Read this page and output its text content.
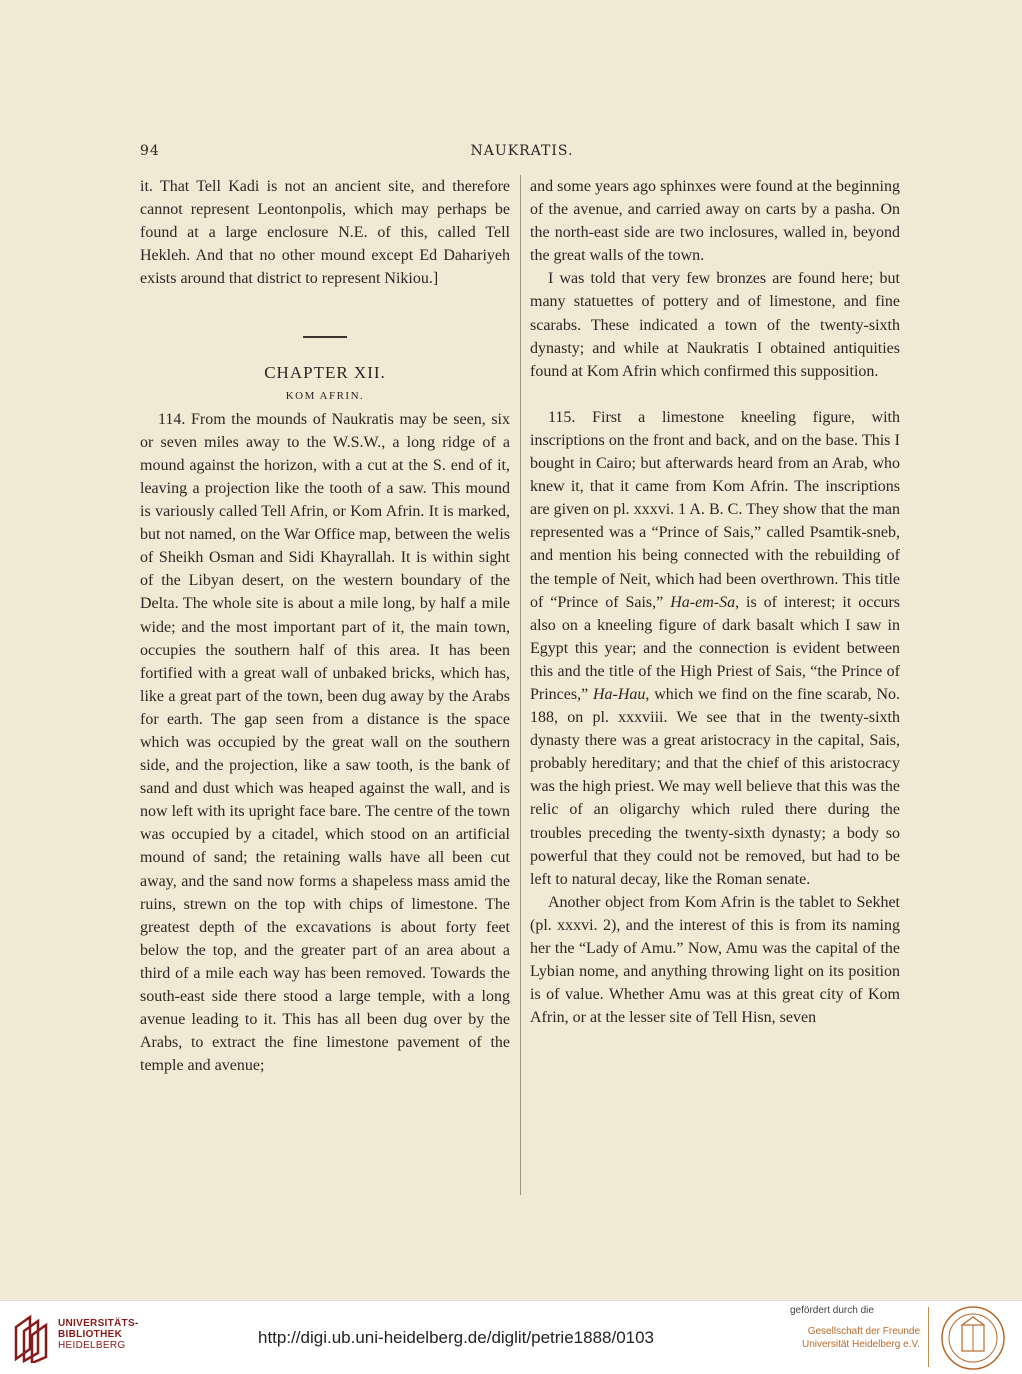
94	NAUKRATIS.

it. That Tell Kadi is not an ancient site, and therefore cannot represent Leontonpolis, which may perhaps be found at a large enclosure N.E. of this, called Tell Hekleh. And that no other mound except Ed Dahariyeh exists around that district to represent Nikiou.]

CHAPTER XII.

KOM AFRIN.

114. From the mounds of Naukratis may be seen, six or seven miles away to the W.S.W., a long ridge of a mound against the horizon, with a cut at the S. end of it, leaving a projection like the tooth of a saw. This mound is variously called Tell Afrin, or Kom Afrin. It is marked, but not named, on the War Office map, between the welis of Sheikh Osman and Sidi Khayrallah. It is within sight of the Libyan desert, on the western boundary of the Delta. The whole site is about a mile long, by half a mile wide; and the most important part of it, the main town, occupies the southern half of this area. It has been fortified with a great wall of unbaked bricks, which has, like a great part of the town, been dug away by the Arabs for earth. The gap seen from a distance is the space which was occupied by the great wall on the southern side, and the projection, like a saw tooth, is the bank of sand and dust which was heaped against the wall, and is now left with its upright face bare. The centre of the town was occupied by a citadel, which stood on an artificial mound of sand; the retaining walls have all been cut away, and the sand now forms a shapeless mass amid the ruins, strewn on the top with chips of limestone. The greatest depth of the excavations is about forty feet below the top, and the greater part of an area about a third of a mile each way has been removed. Towards the south-east side there stood a large temple, with a long avenue leading to it. This has all been dug over by the Arabs, to extract the fine limestone pavement of the temple and avenue;

and some years ago sphinxes were found at the beginning of the avenue, and carried away on carts by a pasha. On the north-east side are two inclosures, walled in, beyond the great walls of the town.

I was told that very few bronzes are found here; but many statuettes of pottery and of limestone, and fine scarabs. These indicated a town of the twenty-sixth dynasty; and while at Naukratis I obtained antiquities found at Kom Afrin which confirmed this supposition.

115. First a limestone kneeling figure, with inscriptions on the front and back, and on the base. This I bought in Cairo; but afterwards heard from an Arab, who knew it, that it came from Kom Afrin. The inscriptions are given on pl. xxxvi. 1 A. B. C. They show that the man represented was a “Prince of Sais,” called Psamtik-sneb, and mention his being connected with the rebuilding of the temple of Neit, which had been overthrown. This title of “Prince of Sais,” Ha-em-Sa, is of interest; it occurs also on a kneeling figure of dark basalt which I saw in Egypt this year; and the connection is evident between this and the title of the High Priest of Sais, “the Prince of Princes,” Ha-Hau, which we find on the fine scarab, No. 188, on pl. xxxviii. We see that in the twenty-sixth dynasty there was a great aristocracy in the capital, Sais, probably hereditary; and that the chief of this aristocracy was the high priest. We may well believe that this was the relic of an oligarchy which ruled there during the troubles preceding the twenty-sixth dynasty; a body so powerful that they could not be removed, but had to be left to natural decay, like the Roman senate.

Another object from Kom Afrin is the tablet to Sekhet (pl. xxxvi. 2), and the interest of this is from its naming her the “Lady of Amu.” Now, Amu was the capital of the Lybian nome, and anything throwing light on its position is of value. Whether Amu was at this great city of Kom Afrin, or at the lesser site of Tell Hisn, seven

UNIVERSITÄTS-
BIBLIOTHEK
HEIDELBERG	http://digi.ub.uni-heidelberg.de/diglit/petrie1888/0103
gefördert durch die
Gesellschaft der Freunde
Universität Heidelberg e.V.
